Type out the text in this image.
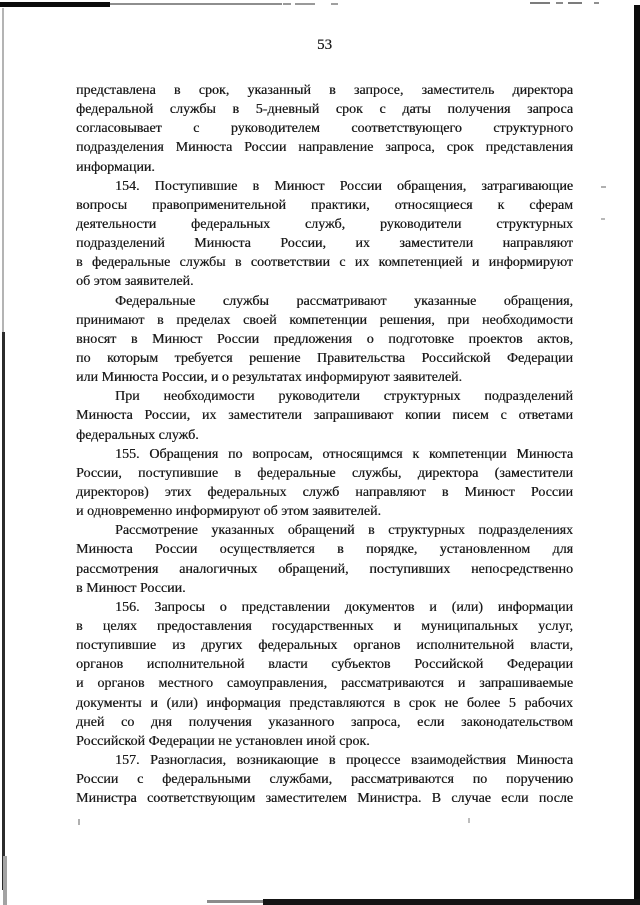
53
представлена в срок, указанный в запросе, заместитель директора
федеральной службы в 5-дневный срок с даты получения запроса
согласовывает с руководителем соответствующего структурного
подразделения Минюста России направление запроса, срок представления
информации.
154. Поступившие в Минюст России обращения, затрагивающие
вопросы правоприменительной практики, относящиеся к сферам
деятельности федеральных служб, руководители структурных
подразделений Минюста России, их заместители направляют
в федеральные службы в соответствии с их компетенцией и информируют
об этом заявителей.
Федеральные службы рассматривают указанные обращения,
принимают в пределах своей компетенции решения, при необходимости
вносят в Минюст России предложения о подготовке проектов актов,
по которым требуется решение Правительства Российской Федерации
или Минюста России, и о результатах информируют заявителей.
При необходимости руководители структурных подразделений
Минюста России, их заместители запрашивают копии писем с ответами
федеральных служб.
155. Обращения по вопросам, относящимся к компетенции Минюста
России, поступившие в федеральные службы, директора (заместители
директоров) этих федеральных служб направляют в Минюст России
и одновременно информируют об этом заявителей.
Рассмотрение указанных обращений в структурных подразделениях
Минюста России осуществляется в порядке, установленном для
рассмотрения аналогичных обращений, поступивших непосредственно
в Минюст России.
156. Запросы о представлении документов и (или) информации
в целях предоставления государственных и муниципальных услуг,
поступившие из других федеральных органов исполнительной власти,
органов исполнительной власти субъектов Российской Федерации
и органов местного самоуправления, рассматриваются и запрашиваемые
документы и (или) информация представляются в срок не более 5 рабочих
дней со дня получения указанного запроса, если законодательством
Российской Федерации не установлен иной срок.
157. Разногласия, возникающие в процессе взаимодействия Минюста
России с федеральными службами, рассматриваются по поручению
Министра соответствующим заместителем Министра. В случае если после
